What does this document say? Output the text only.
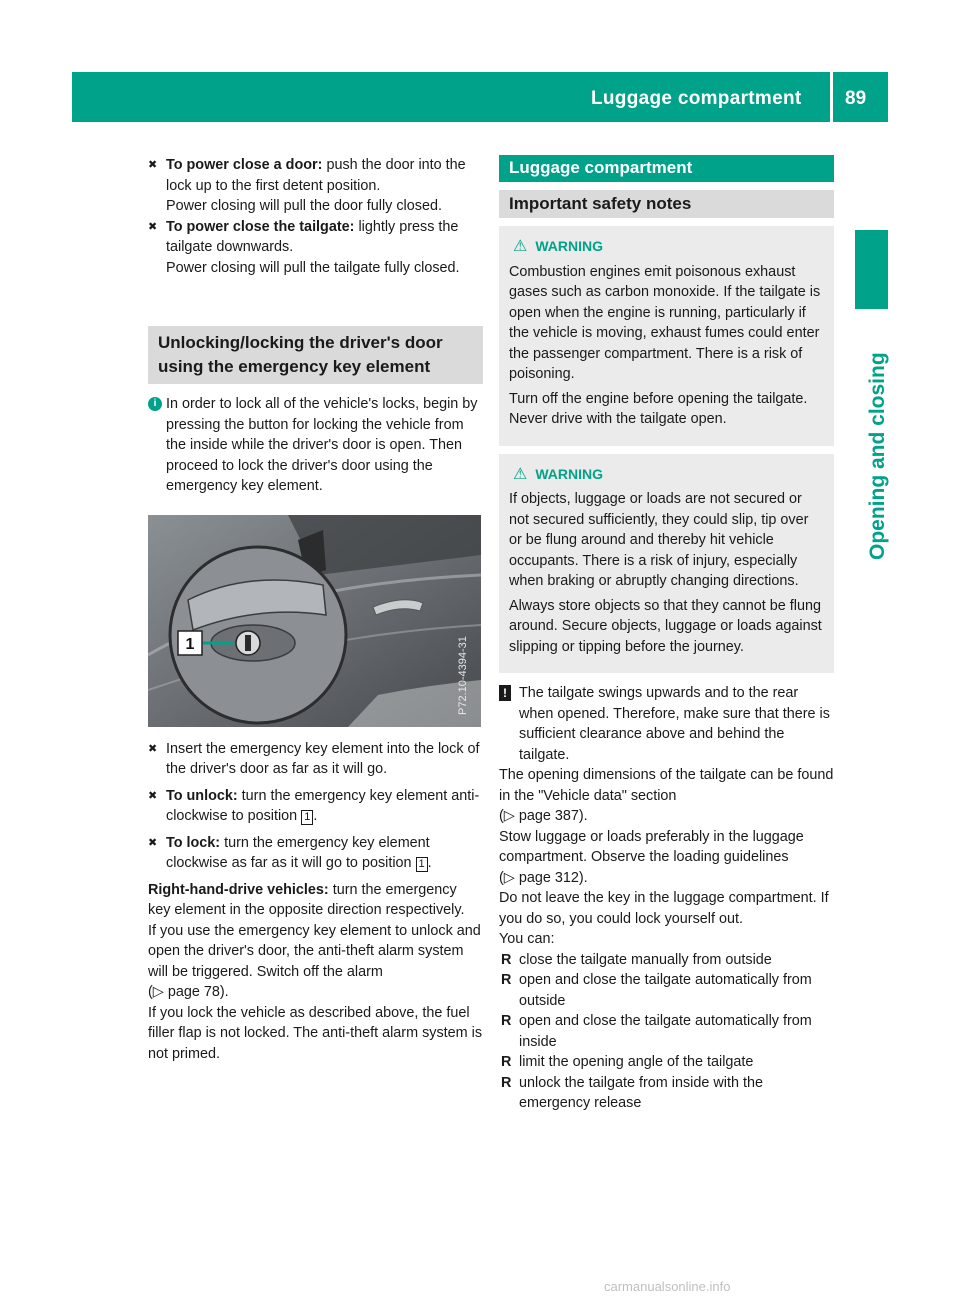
Luggage compartment 89
Opening and closing
✖ To power close a door: push the door into the lock up to the first detent position.
Power closing will pull the door fully closed.
✖ To power close the tailgate: lightly press the tailgate downwards.
Power closing will pull the tailgate fully closed.
Unlocking/locking the driver's door using the emergency key element
i In order to lock all of the vehicle's locks, begin by pressing the button for locking the vehicle from the inside while the driver's door is open. Then proceed to lock the driver's door using the emergency key element.
1	P72.10-4394-31
✖ Insert the emergency key element into the lock of the driver's door as far as it will go.
✖ To unlock: turn the emergency key element anti-clockwise to position 1 .
✖ To lock: turn the emergency key element clockwise as far as it will go to position 1 .
Right-hand-drive vehicles: turn the emergency key element in the opposite direction respectively.
If you use the emergency key element to unlock and open the driver's door, the anti-theft alarm system will be triggered. Switch off the alarm
(▷ page 78).
If you lock the vehicle as described above, the fuel filler flap is not locked. The anti-theft alarm system is not primed.
Luggage compartment
Important safety notes
⚠ WARNING
Combustion engines emit poisonous exhaust gases such as carbon monoxide. If the tailgate is open when the engine is running, particularly if the vehicle is moving, exhaust fumes could enter the passenger compartment. There is a risk of poisoning.
Turn off the engine before opening the tailgate. Never drive with the tailgate open.
⚠ WARNING
If objects, luggage or loads are not secured or not secured sufficiently, they could slip, tip over or be flung around and thereby hit vehicle occupants. There is a risk of injury, especially when braking or abruptly changing directions.
Always store objects so that they cannot be flung around. Secure objects, luggage or loads against slipping or tipping before the journey.
! The tailgate swings upwards and to the rear when opened. Therefore, make sure that there is sufficient clearance above and behind the tailgate.
The opening dimensions of the tailgate can be found in the "Vehicle data" section
(▷ page 387).
Stow luggage or loads preferably in the luggage compartment. Observe the loading guidelines
(▷ page 312).
Do not leave the key in the luggage compartment. If you do so, you could lock yourself out.
You can:
R close the tailgate manually from outside
R open and close the tailgate automatically from outside
R open and close the tailgate automatically from inside
R limit the opening angle of the tailgate
R unlock the tailgate from inside with the emergency release
carmanualsonline.info
